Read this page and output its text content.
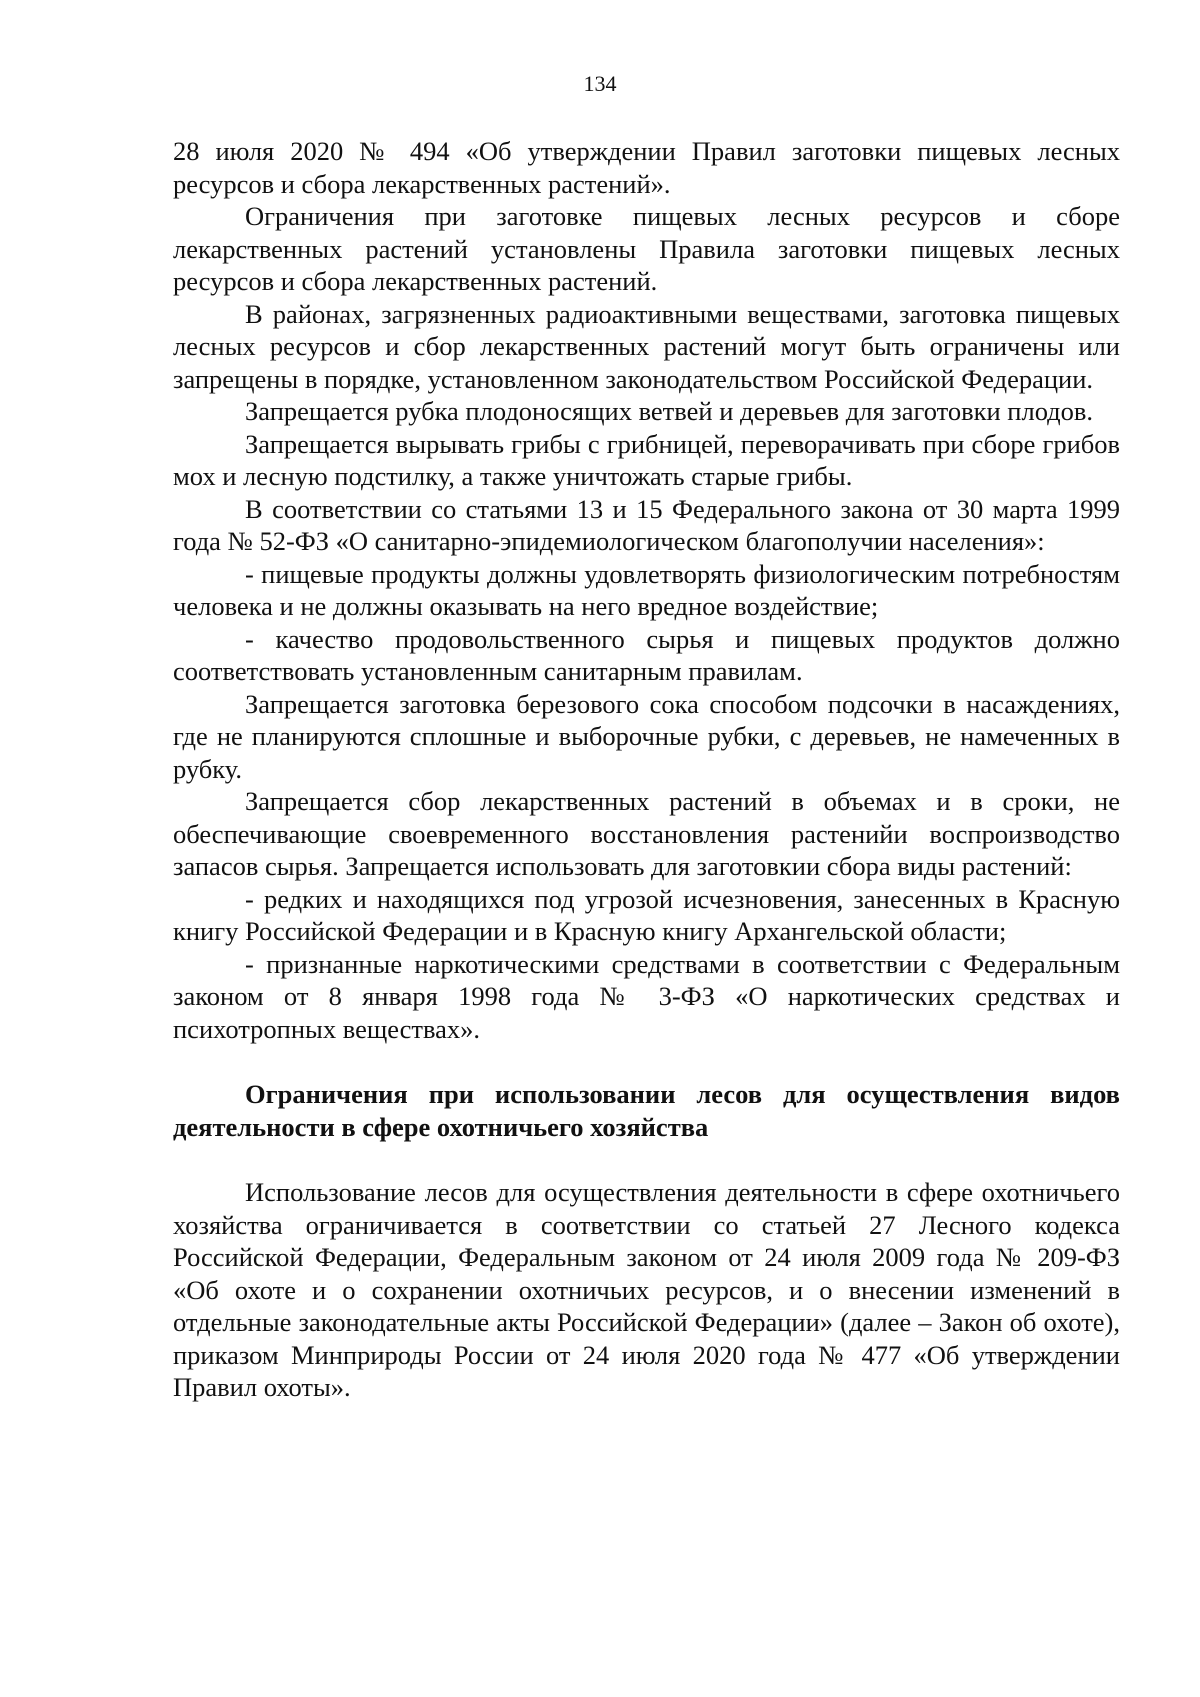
134

28 июля 2020 № 494 «Об утверждении Правил заготовки пищевых лесных ресурсов и сбора лекарственных растений».

Ограничения при заготовке пищевых лесных ресурсов и сборе лекарственных растений установлены Правила заготовки пищевых лесных ресурсов и сбора лекарственных растений.

В районах, загрязненных радиоактивными веществами, заготовка пищевых лесных ресурсов и сбор лекарственных растений могут быть ограничены или запрещены в порядке, установленном законодательством Российской Федерации.

Запрещается рубка плодоносящих ветвей и деревьев для заготовки плодов.

Запрещается вырывать грибы с грибницей, переворачивать при сборе грибов мох и лесную подстилку, а также уничтожать старые грибы.

В соответствии со статьями 13 и 15 Федерального закона от 30 марта 1999 года № 52-ФЗ «О санитарно-эпидемиологическом благополучии населения»:

- пищевые продукты должны удовлетворять физиологическим потребностям человека и не должны оказывать на него вредное воздействие;

- качество продовольственного сырья и пищевых продуктов должно соответствовать установленным санитарным правилам.

Запрещается заготовка березового сока способом подсочки в насаждениях, где не планируются сплошные и выборочные рубки, с деревьев, не намеченных в рубку.

Запрещается сбор лекарственных растений в объемах и в сроки, не обеспечивающие своевременного восстановления растенийи воспроизводство запасов сырья. Запрещается использовать для заготовкии сбора виды растений:

- редких и находящихся под угрозой исчезновения, занесенных в Красную книгу Российской Федерации и в Красную книгу Архангельской области;

- признанные наркотическими средствами в соответствии с Федеральным законом от 8 января 1998 года № 3-ФЗ «О наркотических средствах и психотропных веществах».

Ограничения при использовании лесов для осуществления видов деятельности в сфере охотничьего хозяйства

Использование лесов для осуществления деятельности в сфере охотничьего хозяйства ограничивается в соответствии со статьей 27 Лесного кодекса Российской Федерации, Федеральным законом от 24 июля 2009 года № 209-ФЗ «Об охоте и о сохранении охотничьих ресурсов, и о внесении изменений в отдельные законодательные акты Российской Федерации» (далее – Закон об охоте), приказом Минприроды России от 24 июля 2020 года № 477 «Об утверждении Правил охоты».
